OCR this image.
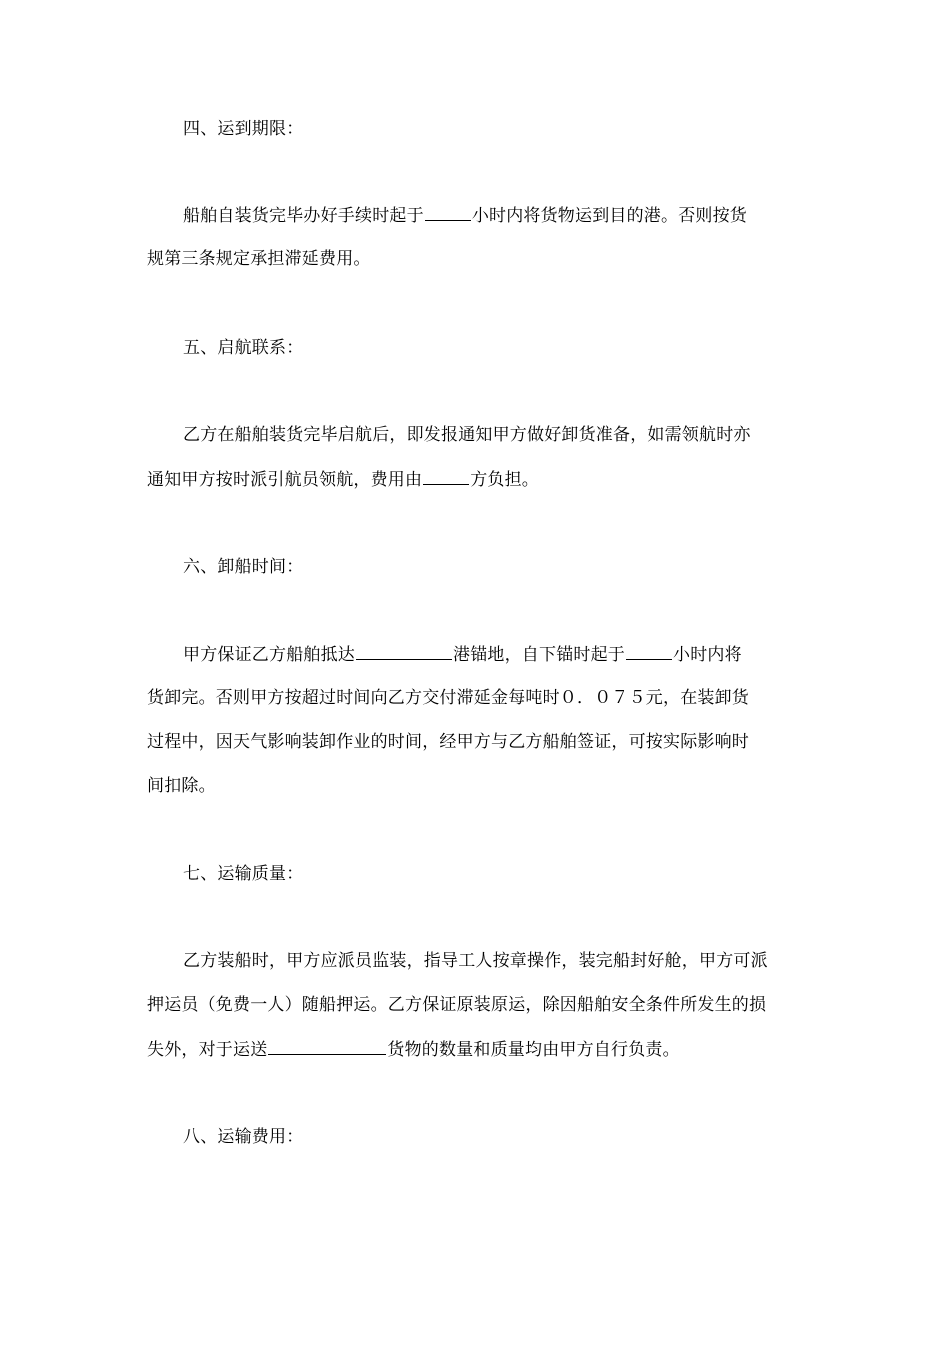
四、运到期限：
船舶自装货完毕办好手续时起于	小时内将货物运到目的港。否则按货
规第三条规定承担滞延费用。
五、启航联系：
乙方在船舶装货完毕启航后，即发报通知甲方做好卸货准备，如需领航时亦
通知甲方按时派引航员领航，费用由	方负担。
六、卸船时间：
甲方保证乙方船舶抵达	港锚地，自下锚时起于	小时内将
货卸完。否则甲方按超过时间向乙方交付滞延金每吨时０．０７５元，在装卸货
过程中，因天气影响装卸作业的时间，经甲方与乙方船舶签证，可按实际影响时
间扣除。
七、运输质量：
乙方装船时，甲方应派员监装，指导工人按章操作，装完船封好舱，甲方可派
押运员（免费一人）随船押运。乙方保证原装原运，除因船舶安全条件所发生的损
失外，对于运送	货物的数量和质量均由甲方自行负责。
八、运输费用：
